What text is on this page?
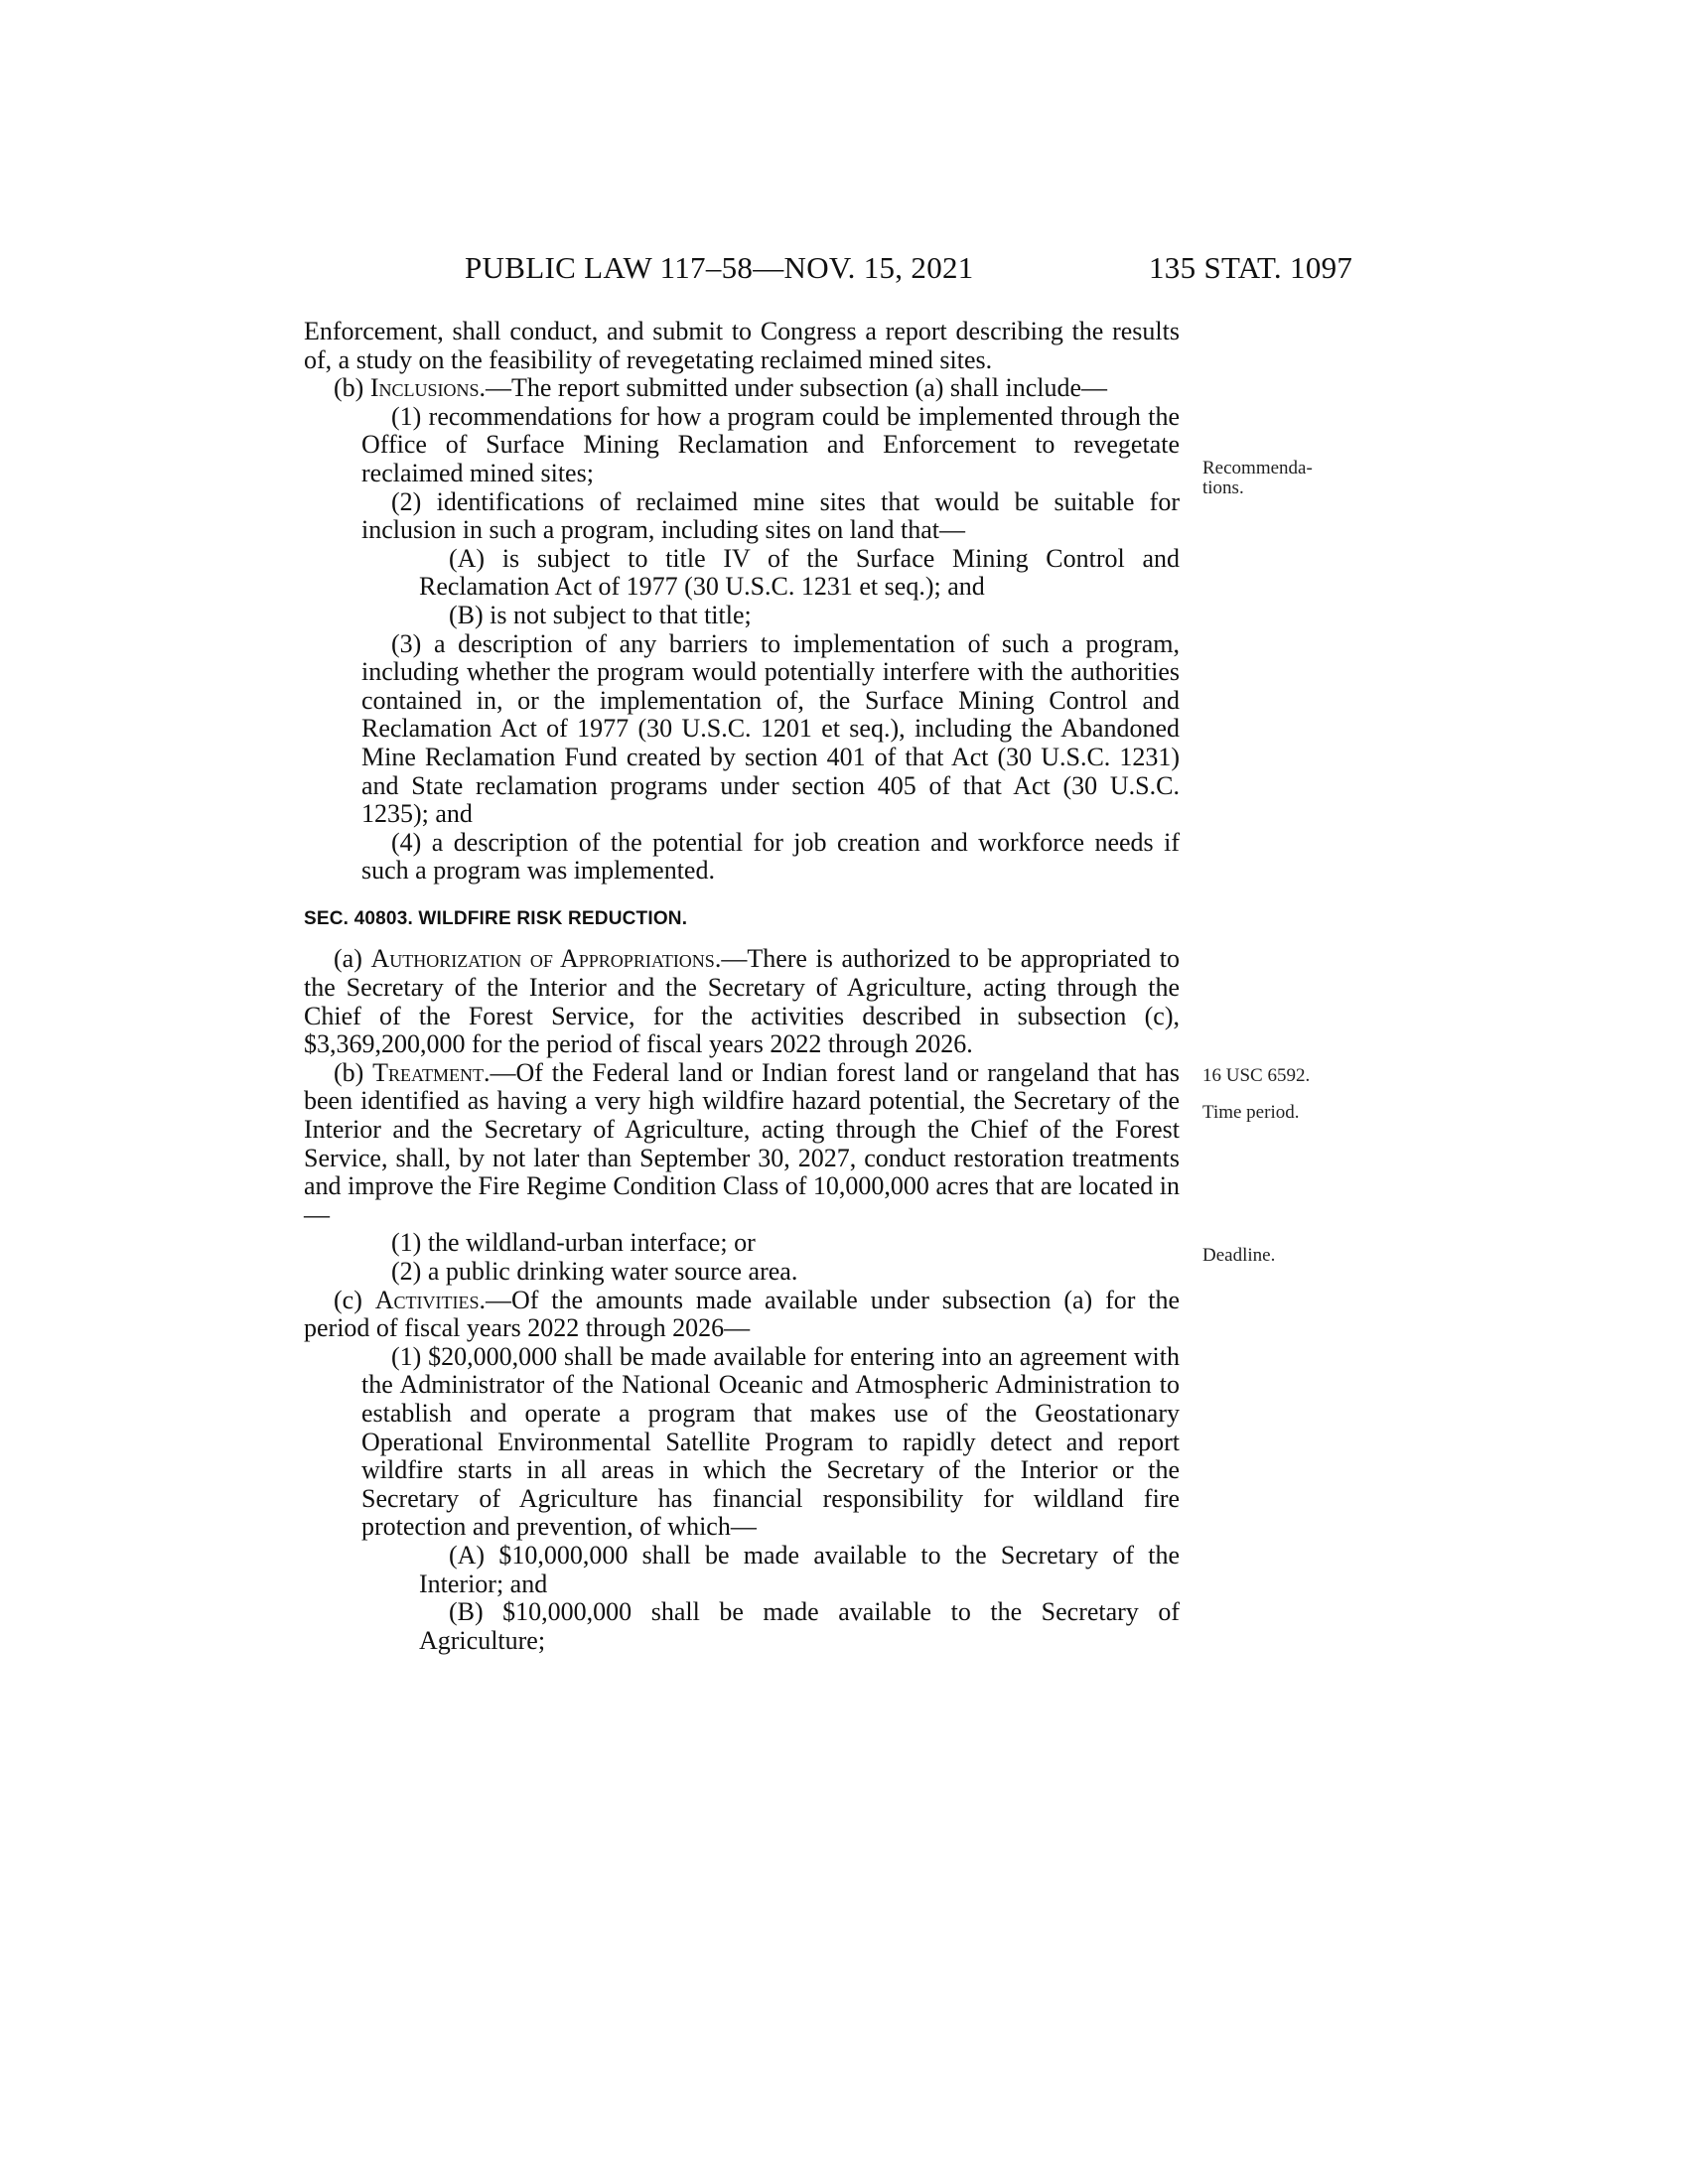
PUBLIC LAW 117–58—NOV. 15, 2021	135 STAT. 1097
Recommenda-
tions.
16 USC 6592.
Time period.
Deadline.

Enforcement, shall conduct, and submit to Congress a report describing the results of, a study on the feasibility of revegetating reclaimed mined sites.

(b) Inclusions.—The report submitted under subsection (a) shall include—

(1) recommendations for how a program could be implemented through the Office of Surface Mining Reclamation and Enforcement to revegetate reclaimed mined sites;

(2) identifications of reclaimed mine sites that would be suitable for inclusion in such a program, including sites on land that—

(A) is subject to title IV of the Surface Mining Control and Reclamation Act of 1977 (30 U.S.C. 1231 et seq.); and

(B) is not subject to that title;

(3) a description of any barriers to implementation of such a program, including whether the program would potentially interfere with the authorities contained in, or the implementation of, the Surface Mining Control and Reclamation Act of 1977 (30 U.S.C. 1201 et seq.), including the Abandoned Mine Reclamation Fund created by section 401 of that Act (30 U.S.C. 1231) and State reclamation programs under section 405 of that Act (30 U.S.C. 1235); and

(4) a description of the potential for job creation and workforce needs if such a program was implemented.

SEC. 40803. WILDFIRE RISK REDUCTION.

(a) Authorization of Appropriations.—There is authorized to be appropriated to the Secretary of the Interior and the Secretary of Agriculture, acting through the Chief of the Forest Service, for the activities described in subsection (c), $3,369,200,000 for the period of fiscal years 2022 through 2026.

(b) Treatment.—Of the Federal land or Indian forest land or rangeland that has been identified as having a very high wildfire hazard potential, the Secretary of the Interior and the Secretary of Agriculture, acting through the Chief of the Forest Service, shall, by not later than September 30, 2027, conduct restoration treatments and improve the Fire Regime Condition Class of 10,000,000 acres that are located in—

(1) the wildland-urban interface; or

(2) a public drinking water source area.

(c) Activities.—Of the amounts made available under subsection (a) for the period of fiscal years 2022 through 2026—

(1) $20,000,000 shall be made available for entering into an agreement with the Administrator of the National Oceanic and Atmospheric Administration to establish and operate a program that makes use of the Geostationary Operational Environmental Satellite Program to rapidly detect and report wildfire starts in all areas in which the Secretary of the Interior or the Secretary of Agriculture has financial responsibility for wildland fire protection and prevention, of which—

(A) $10,000,000 shall be made available to the Secretary of the Interior; and

(B) $10,000,000 shall be made available to the Secretary of Agriculture;
